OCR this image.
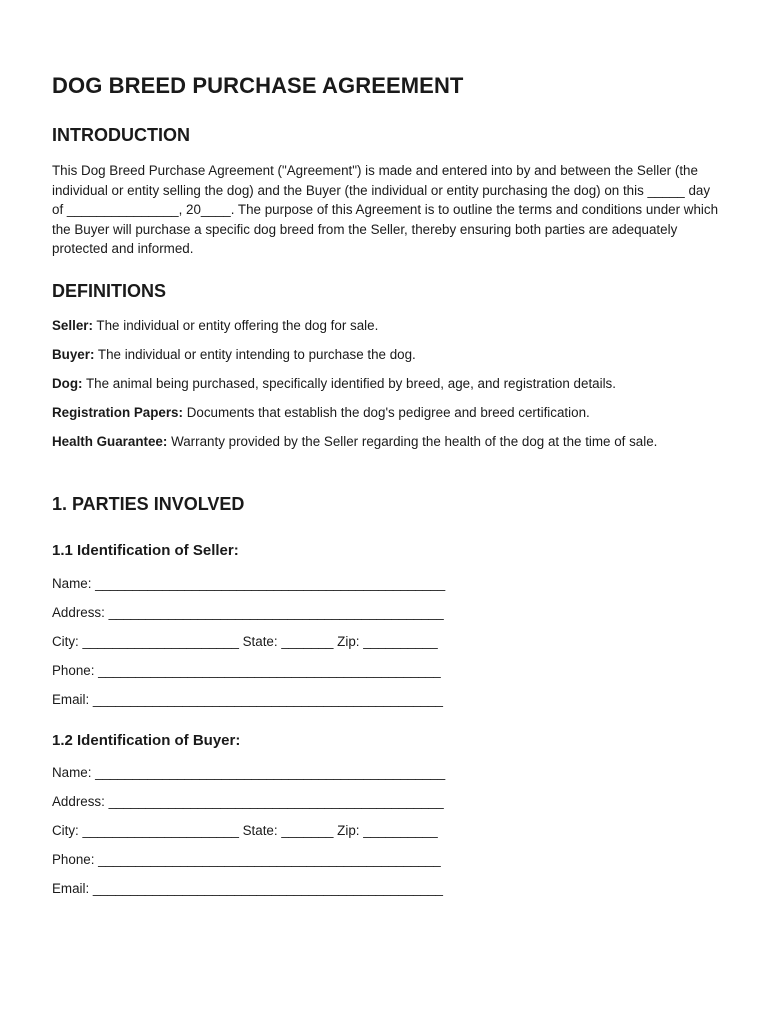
DOG BREED PURCHASE AGREEMENT
INTRODUCTION

This Dog Breed Purchase Agreement ("Agreement") is made and entered into by and between the Seller (the individual or entity selling the dog) and the Buyer (the individual or entity purchasing the dog) on this _____ day of _______________, 20____. The purpose of this Agreement is to outline the terms and conditions under which the Buyer will purchase a specific dog breed from the Seller, thereby ensuring both parties are adequately protected and informed.

DEFINITIONS

Seller: The individual or entity offering the dog for sale.

Buyer: The individual or entity intending to purchase the dog.

Dog: The animal being purchased, specifically identified by breed, age, and registration details.

Registration Papers: Documents that establish the dog's pedigree and breed certification.

Health Guarantee: Warranty provided by the Seller regarding the health of the dog at the time of sale.

1. PARTIES INVOLVED
1.1 Identification of Seller:

Name: _______________________________________________

Address: _____________________________________________

City: _____________________ State: _______ Zip: __________

Phone: ______________________________________________

Email: _______________________________________________

1.2 Identification of Buyer:

Name: _______________________________________________

Address: _____________________________________________

City: _____________________ State: _______ Zip: __________

Phone: ______________________________________________

Email: _______________________________________________
